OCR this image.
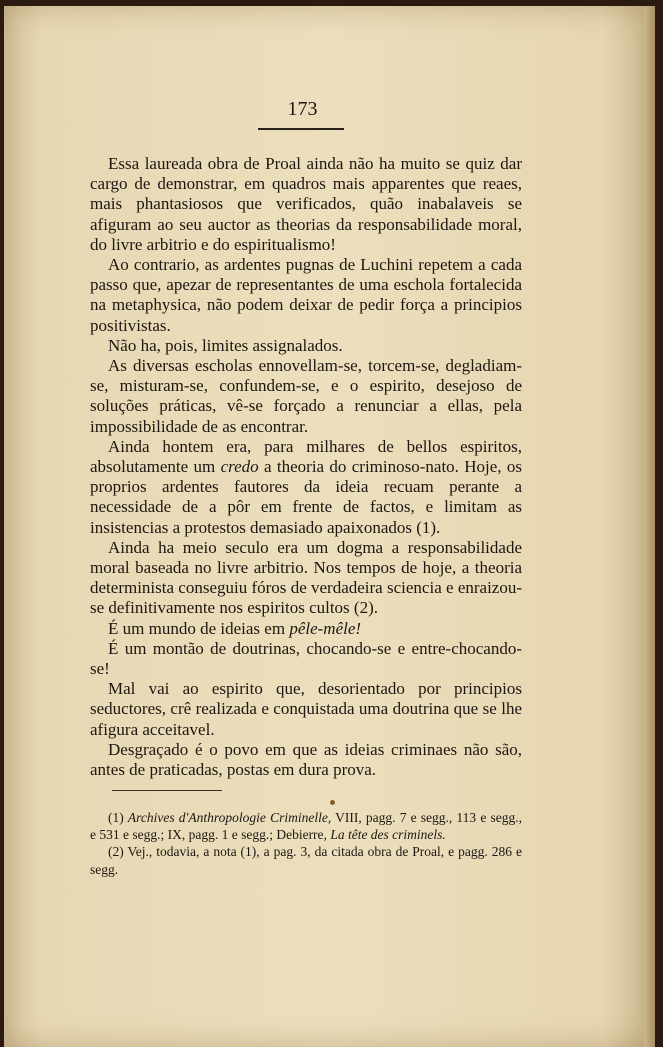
173

Essa laureada obra de Proal ainda não ha muito se quiz dar cargo de demonstrar, em quadros mais apparentes que reaes, mais phantasiosos que verificados, quão inabalaveis se afiguram ao seu auctor as theorias da responsabilidade moral, do livre arbitrio e do espiritualismo!

Ao contrario, as ardentes pugnas de Luchini repetem a cada passo que, apezar de representantes de uma eschola fortalecida na metaphysica, não podem deixar de pedir força a principios positivistas.

Não ha, pois, limites assignalados.

As diversas escholas ennovellam-se, torcem-se, degladiam-se, misturam-se, confundem-se, e o espirito, desejoso de soluções práticas, vê-se forçado a renunciar a ellas, pela impossibilidade de as encontrar.

Ainda hontem era, para milhares de bellos espiritos, absolutamente um credo a theoria do criminoso-nato. Hoje, os proprios ardentes fautores da ideia recuam perante a necessidade de a pôr em frente de factos, e limitam as insistencias a protestos demasiado apaixonados (1).

Ainda ha meio seculo era um dogma a responsabilidade moral baseada no livre arbitrio. Nos tempos de hoje, a theoria determinista conseguiu fóros de verdadeira sciencia e enraizou-se definitivamente nos espiritos cultos (2).

É um mundo de ideias em pêle-mêle!

É um montão de doutrinas, chocando-se e entre-chocando-se!

Mal vai ao espirito que, desorientado por principios seductores, crê realizada e conquistada uma doutrina que se lhe afigura acceitavel.

Desgraçado é o povo em que as ideias criminaes não são, antes de praticadas, postas em dura prova.

(1) Archives d'Anthropologie Criminelle, VIII, pagg. 7 e segg., 113 e segg., e 531 e segg.; IX, pagg. 1 e segg.; Debierre, La tête des criminels.

(2) Vej., todavia, a nota (1), a pag. 3, da citada obra de Proal, e pagg. 286 e segg.
